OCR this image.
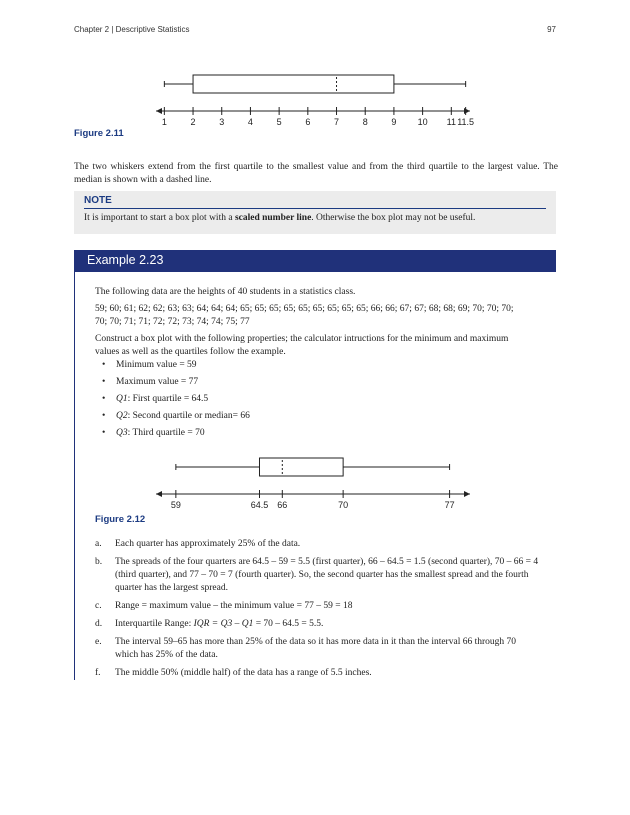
Chapter 2 | Descriptive Statistics	97
1	2	3	4	5	6	7	8	9 10 11 11.5
Figure 2.11
The two whiskers extend from the first quartile to the smallest value and from the third quartile to the largest value. The median is shown with a dashed line.
NOTE
It is important to start a box plot with a scaled number line. Otherwise the box plot may not be useful.
Example 2.23
The following data are the heights of 40 students in a statistics class.
59; 60; 61; 62; 62; 63; 63; 64; 64; 64; 65; 65; 65; 65; 65; 65; 65; 65; 65; 66; 66; 67; 67; 68; 68; 69; 70; 70; 70;
70; 70; 71; 71; 72; 72; 73; 74; 74; 75; 77
Construct a box plot with the following properties; the calculator intructions for the minimum and maximum
values as well as the quartiles follow the example.
• Minimum value = 59
• Maximum value = 77
• Q1: First quartile = 64.5
• Q2: Second quartile or median= 66
• Q3: Third quartile = 70
59	64.5 66	70	77
Figure 2.12
a. Each quarter has approximately 25% of the data.
b. The spreads of the four quarters are 64.5 – 59 = 5.5 (first quarter), 66 – 64.5 = 1.5 (second quarter), 70 – 66 = 4 (third quarter), and 77 – 70 = 7 (fourth quarter). So, the second quarter has the smallest spread and the fourth quarter has the largest spread.
c. Range = maximum value – the minimum value = 77 – 59 = 18
d. Interquartile Range: IQR = Q3 – Q1 = 70 – 64.5 = 5.5.
e. The interval 59–65 has more than 25% of the data so it has more data in it than the interval 66 through 70 which has 25% of the data.
f. The middle 50% (middle half) of the data has a range of 5.5 inches.
